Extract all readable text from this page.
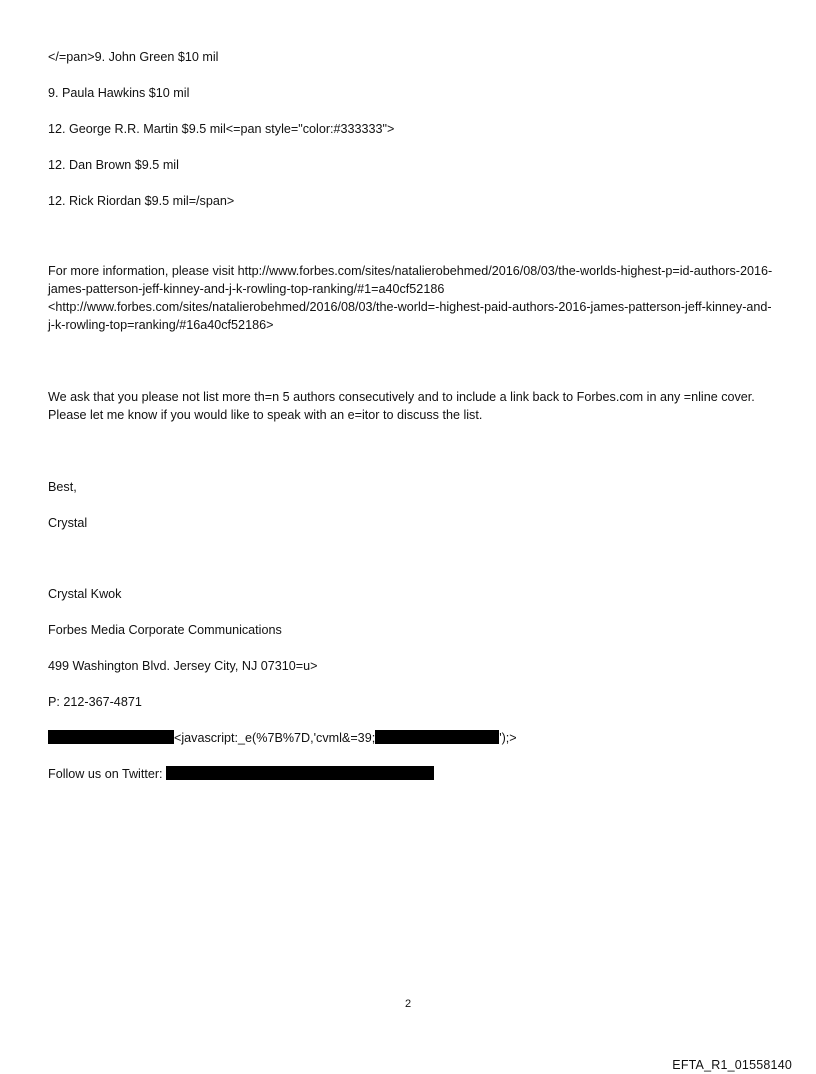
</=pan>9. John Green $10 mil
9. Paula Hawkins $10 mil
12. George R.R. Martin $9.5 mil<=pan style="color:#333333">
12. Dan Brown $9.5 mil
12. Rick Riordan $9.5 mil=/span>
For more information, please visit http://www.forbes.com/sites/natalierobehmed/2016/08/03/the-worlds-highest-p=id-authors-2016-james-patterson-jeff-kinney-and-j-k-rowling-top-ranking/#1=a40cf52186 <http://www.forbes.com/sites/natalierobehmed/2016/08/03/the-world=-highest-paid-authors-2016-james-patterson-jeff-kinney-and-j-k-rowling-top=ranking/#16a40cf52186>
We ask that you please not list more th=n 5 authors consecutively and to include a link back to Forbes.com in any =nline cover. Please let me know if you would like to speak with an e=itor to discuss the list.
Best,
Crystal
Crystal Kwok
Forbes Media Corporate Communications
499 Washington Blvd. Jersey City, NJ 07310=u>
P: 212-367-4871
<javascript:_e(%7B%7D,'cvml&=39;	');>
Follow us on Twitter:
2
EFTA_R1_01558140
